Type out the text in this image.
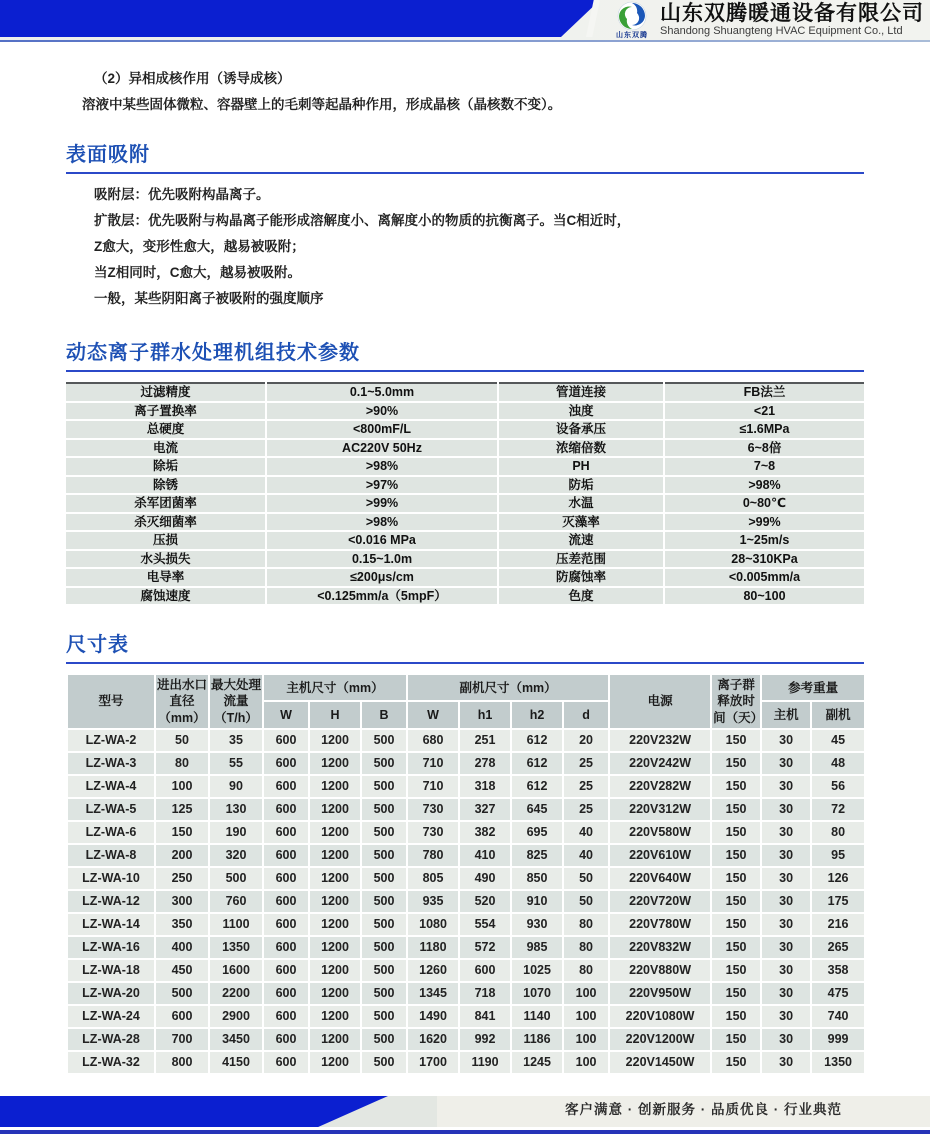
山东双腾
山东双腾暖通设备有限公司
Shandong Shuangteng HVAC Equipment Co., Ltd
（2）异相成核作用（诱导成核）
溶液中某些固体微粒、容器壁上的毛刺等起晶种作用，形成晶核（晶核数不变）。
表面吸附
吸附层：优先吸附构晶离子。
扩散层：优先吸附与构晶离子能形成溶解度小、离解度小的物质的抗衡离子。当C相近时，
Z愈大，变形性愈大，越易被吸附；
当Z相同时，C愈大，越易被吸附。
一般，某些阴阳离子被吸附的强度顺序
动态离子群水处理机组技术参数
过滤精度	0.1~5.0mm	管道连接	FB法兰
离子置换率	>90%	浊度	<21
总硬度	<800mF/L	设备承压	≤1.6MPa
电流	AC220V 50Hz	浓缩倍数	6~8倍
除垢	>98%	PH	7~8
除锈	>97%	防垢	>98%
杀军团菌率	>99%	水温	0~80℃
杀灭细菌率	>98%	灭藻率	>99%
压损	<0.016 MPa	流速	1~25m/s
水头损失	0.15~1.0m	压差范围	28~310KPa
电导率	≤200μs/cm	防腐蚀率	<0.005mm/a
腐蚀速度	<0.125mm/a（5mpF）	色度	80~100
尺寸表
型号	进出水口直径（mm）	最大处理流量（T/h）	主机尺寸（mm）			副机尺寸（mm）				电源	离子群释放时间（天）	参考重量	
			W	H	B	W	h1	h2	d			主机	副机
LZ-WA-2	50	35	600	1200	500	680	251	612	20	220V232W	150	30	45
LZ-WA-3	80	55	600	1200	500	710	278	612	25	220V242W	150	30	48
LZ-WA-4	100	90	600	1200	500	710	318	612	25	220V282W	150	30	56
LZ-WA-5	125	130	600	1200	500	730	327	645	25	220V312W	150	30	72
LZ-WA-6	150	190	600	1200	500	730	382	695	40	220V580W	150	30	80
LZ-WA-8	200	320	600	1200	500	780	410	825	40	220V610W	150	30	95
LZ-WA-10	250	500	600	1200	500	805	490	850	50	220V640W	150	30	126
LZ-WA-12	300	760	600	1200	500	935	520	910	50	220V720W	150	30	175
LZ-WA-14	350	1100	600	1200	500	1080	554	930	80	220V780W	150	30	216
LZ-WA-16	400	1350	600	1200	500	1180	572	985	80	220V832W	150	30	265
LZ-WA-18	450	1600	600	1200	500	1260	600	1025	80	220V880W	150	30	358
LZ-WA-20	500	2200	600	1200	500	1345	718	1070	100	220V950W	150	30	475
LZ-WA-24	600	2900	600	1200	500	1490	841	1140	100	220V1080W	150	30	740
LZ-WA-28	700	3450	600	1200	500	1620	992	1186	100	220V1200W	150	30	999
LZ-WA-32	800	4150	600	1200	500	1700	1190	1245	100	220V1450W	150	30	1350
客户满意 · 创新服务 · 品质优良 · 行业典范
